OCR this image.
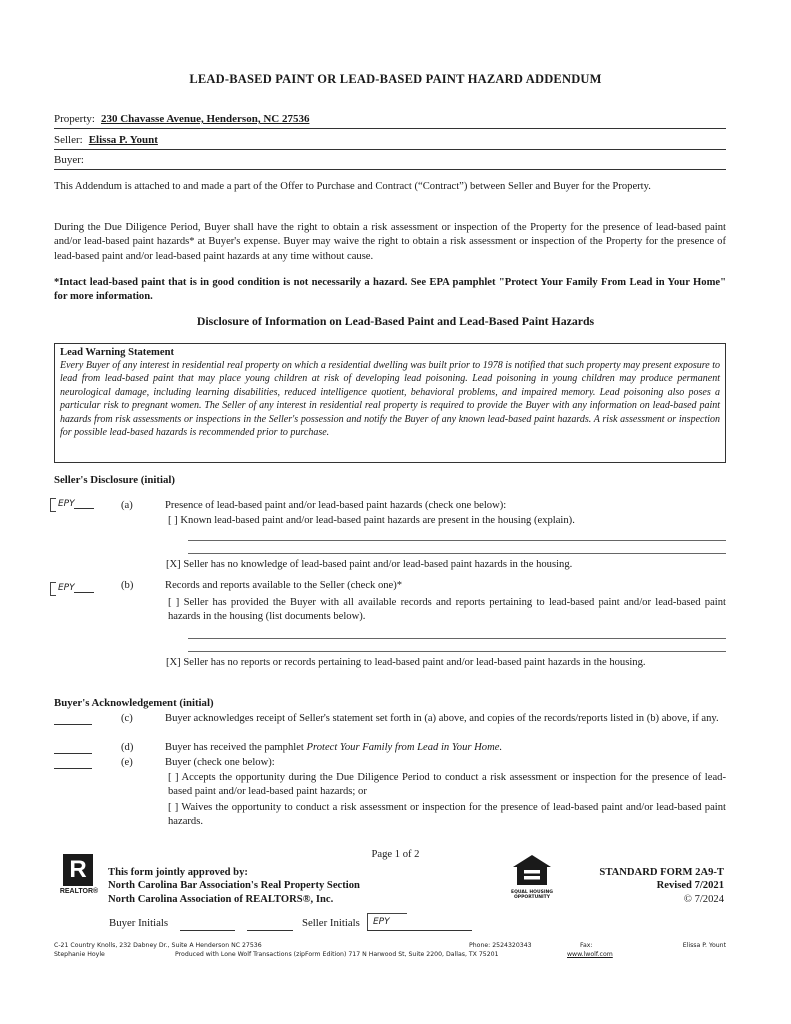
LEAD-BASED PAINT OR LEAD-BASED PAINT HAZARD ADDENDUM
Property: 230 Chavasse Avenue, Henderson, NC 27536
Seller: Elissa P. Yount
Buyer:
This Addendum is attached to and made a part of the Offer to Purchase and Contract (“Contract”) between Seller and Buyer for the Property.
During the Due Diligence Period, Buyer shall have the right to obtain a risk assessment or inspection of the Property for the presence of lead-based paint and/or lead-based paint hazards* at Buyer's expense. Buyer may waive the right to obtain a risk assessment or inspection of the Property for the presence of lead-based paint and/or lead-based paint hazards at any time without cause.
*Intact lead-based paint that is in good condition is not necessarily a hazard. See EPA pamphlet "Protect Your Family From Lead in Your Home" for more information.
Disclosure of Information on Lead-Based Paint and Lead-Based Paint Hazards
Lead Warning Statement
Every Buyer of any interest in residential real property on which a residential dwelling was built prior to 1978 is notified that such property may present exposure to lead from lead-based paint that may place young children at risk of developing lead poisoning. Lead poisoning in young children may produce permanent neurological damage, including learning disabilities, reduced intelligence quotient, behavioral problems, and impaired memory. Lead poisoning also poses a particular risk to pregnant women. The Seller of any interest in residential real property is required to provide the Buyer with any information on lead-based paint hazards from risk assessments or inspections in the Seller's possession and notify the Buyer of any known lead-based paint hazards. A risk assessment or inspection for possible lead-based hazards is recommended prior to purchase.
Seller's Disclosure (initial)
EPY	(a)	Presence of lead-based paint and/or lead-based paint hazards (check one below):
[ ] Known lead-based paint and/or lead-based paint hazards are present in the housing (explain).
[X] Seller has no knowledge of lead-based paint and/or lead-based paint hazards in the housing.
EPY	(b)	Records and reports available to the Seller (check one)*
[ ] Seller has provided the Buyer with all available records and reports pertaining to lead-based paint and/or lead-based paint hazards in the housing (list documents below).
[X] Seller has no reports or records pertaining to lead-based paint and/or lead-based paint hazards in the housing.
Buyer's Acknowledgement (initial)
(c)	Buyer acknowledges receipt of Seller's statement set forth in (a) above, and copies of the records/reports listed in (b) above, if any.
(d)	Buyer has received the pamphlet Protect Your Family from Lead in Your Home.
(e)	Buyer (check one below):
[ ] Accepts the opportunity during the Due Diligence Period to conduct a risk assessment or inspection for the presence of lead-based paint and/or lead-based paint hazards; or
[ ] Waives the opportunity to conduct a risk assessment or inspection for the presence of lead-based paint and/or lead-based paint hazards.
Page 1 of 2
R
REALTOR®
This form jointly approved by:
North Carolina Bar Association's Real Property Section
North Carolina Association of REALTORS®, Inc.
EQUAL HOUSING OPPORTUNITY
STANDARD FORM 2A9-T
Revised 7/2021
© 7/2024
Buyer Initials	Seller Initials EPY
C-21 Country Knolls, 232 Dabney Dr., Suite A Henderson NC 27536	Phone: 2524320343	Fax:	Elissa P. Yount
Stephanie Hoyle	Produced with Lone Wolf Transactions (zipForm Edition) 717 N Harwood St, Suite 2200, Dallas, TX 75201	www.lwolf.com
